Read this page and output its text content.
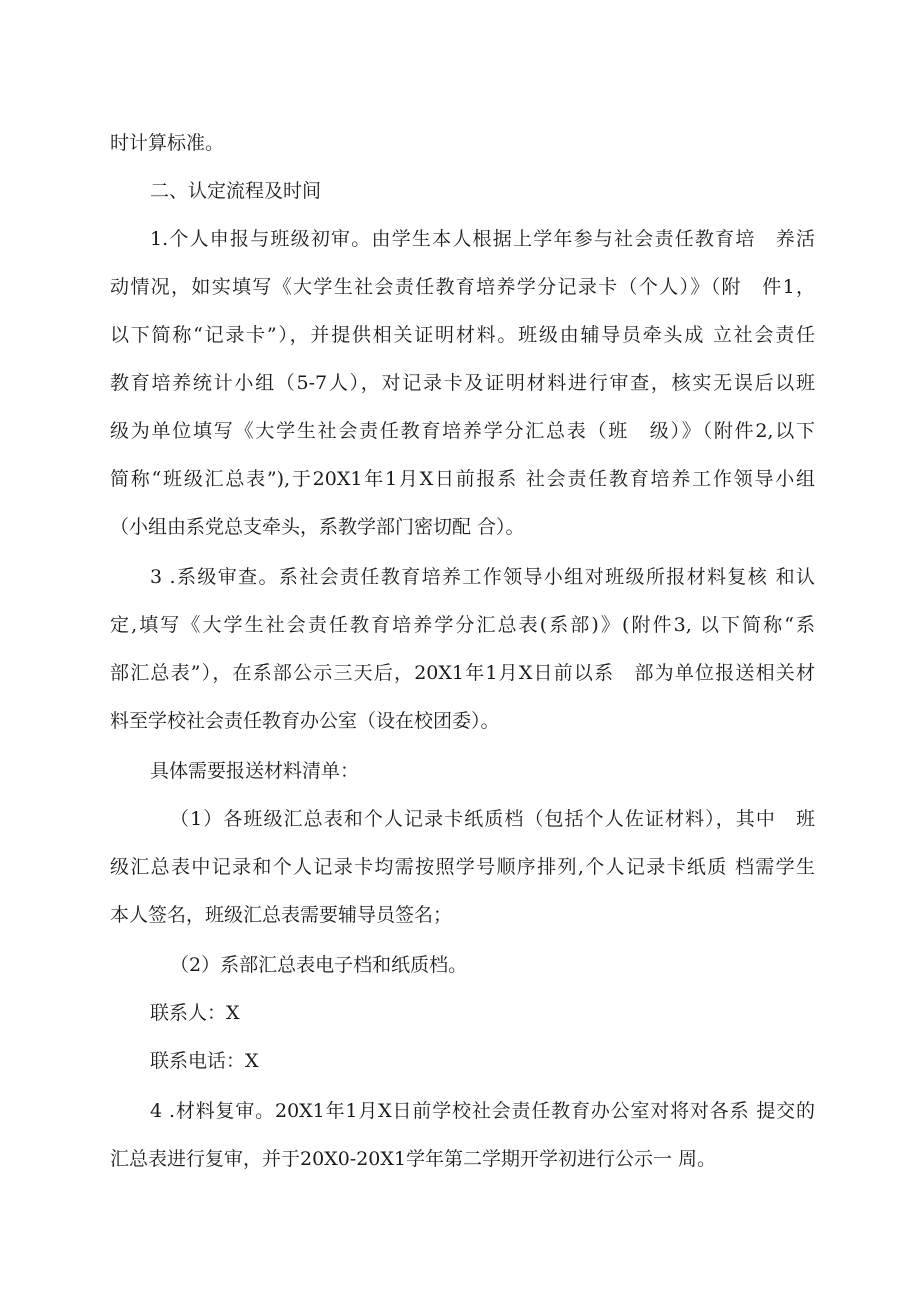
时计算标准。
二、认定流程及时间
1.个人申报与班级初审。由学生本人根据上学年参与社会责任教育培　养活
动情况，如实填写《大学生社会责任教育培养学分记录卡（个人）》（附　件1，
以下简称“记录卡”），并提供相关证明材料。班级由辅导员牵头成 立社会责任
教育培养统计小组（5-7人），对记录卡及证明材料进行审查，核实无误后以班
级为单位填写《大学生社会责任教育培养学分汇总表（班　级）》（附件2,以下
简称“班级汇总表”),于20X1年1月X日前报系 社会责任教育培养工作领导小组
（小组由系党总支牵头，系教学部门密切配 合）。
3 .系级审查。系社会责任教育培养工作领导小组对班级所报材料复核 和认
定,填写《大学生社会责任教育培养学分汇总表(系部)》(附件3, 以下简称“系
部汇总表”），在系部公示三天后，20X1年1月X日前以系　部为单位报送相关材
料至学校社会责任教育办公室（设在校团委）。
具体需要报送材料清单：
（1）各班级汇总表和个人记录卡纸质档（包括个人佐证材料），其中　班
级汇总表中记录和个人记录卡均需按照学号顺序排列,个人记录卡纸质 档需学生
本人签名，班级汇总表需要辅导员签名；
（2）系部汇总表电子档和纸质档。
联系人：X
联系电话：X
4 .材料复审。20X1年1月X日前学校社会责任教育办公室对将对各系 提交的
汇总表进行复审，并于20X0-20X1学年第二学期开学初进行公示一 周。
